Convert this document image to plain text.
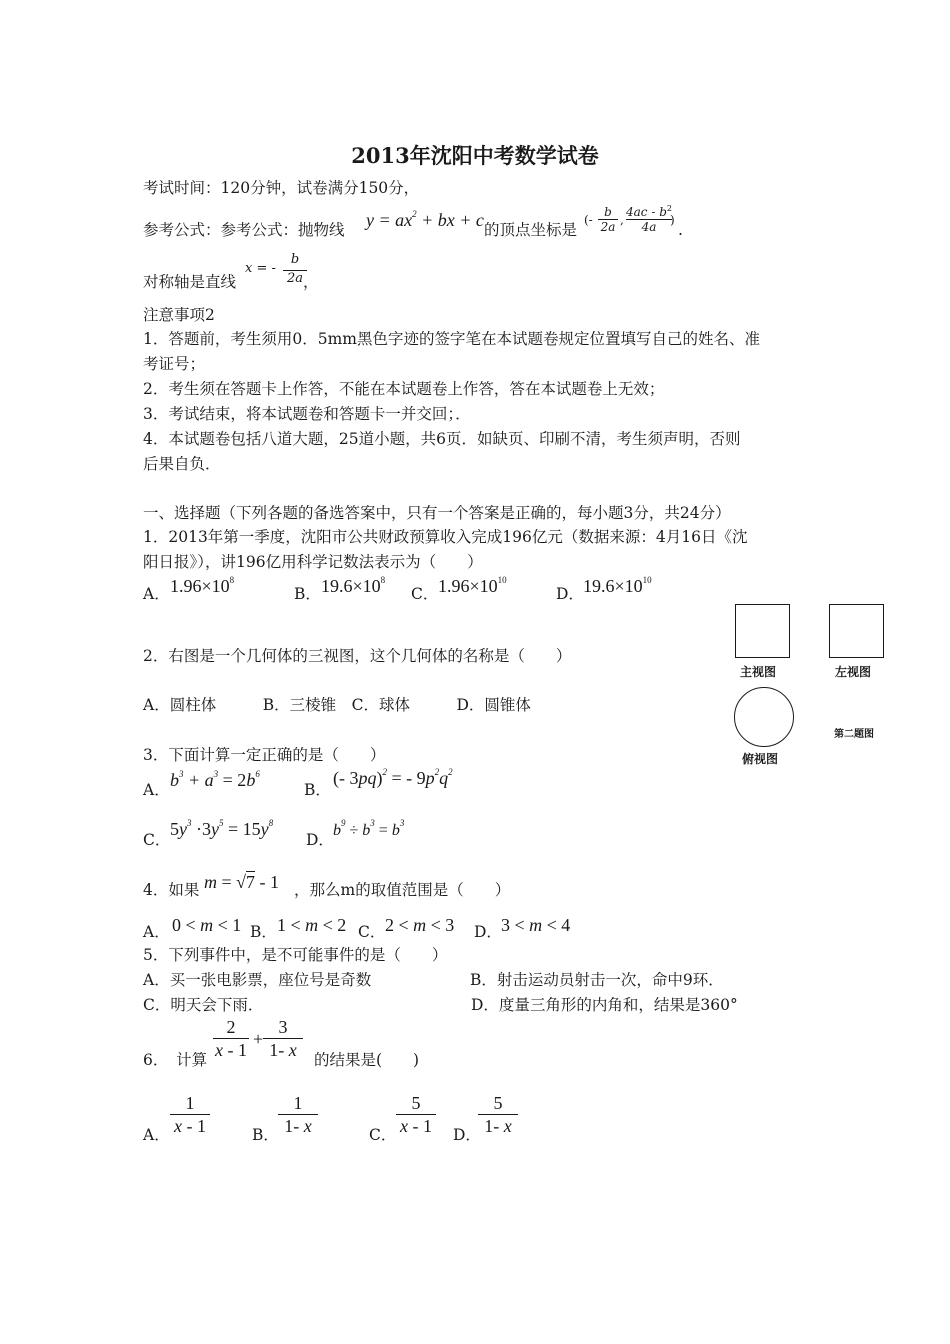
2013年沈阳中考数学试卷
考试时间：120分钟，试卷满分150分，
参考公式：参考公式：抛物线 $y = ax^2$ + bx + c 的顶点坐标是
(-
b
2a ,
$4ac - b^2$
4a	)
.
对称轴是直线
x = -
b
2a ，
注意事项2
1．答题前，考生须用0．5mm黑色字迹的签字笔在本试题卷规定位置填写自己的姓名、准
考证号；
2．考生须在答题卡上作答，不能在本试题卷上作答，答在本试题卷上无效；
3．考试结束，将本试题卷和答题卡一并交回；．
4．本试题卷包括八道大题，25道小题，共6页．如缺页、印刷不清，考生须声明，否则
后果自负．
一、选择题（下列各题的备选答案中，只有一个答案是正确的，每小题3分，共24分）
1．2013年第一季度，沈阳市公共财政预算收入完成196亿元（数据来源：4月16日《沈
阳日报》），讲196亿用科学记数法表示为（　　）
A． $1.96\times 10^8$
B． $19.6\times 10^8$
C． $1.96\times 10^{10}$
D． $19.6\times 10^{10}$
主视图	左视图
俯视图
第二题图
2．右图是一个几何体的三视图，这个几何体的名称是（　　）
A．圆柱体　　　B．三棱锥　C．球体　　　D．圆锥体
3．下面计算一定正确的是（　　）
A． $b^3 + a^3 = 2b^6$
B．
(- 3pq)$^2$ = - $9p^2q^2$
C．
$5y^3 \cdot 3y^5 = 15y^8$
D．
$b^9 \div b^3 = b^3$
4．如果 m = √7 - 1 ，那么m的取值范围是（　　）
A． 0 < m < 1 B． 1 < m < 2 C． 2 < m < 3 D． 3 < m < 4
5．下列事件中，是不可能事件的是（　　）
A．买一张电影票，座位号是奇数	B．射击运动员射击一次，命中9环．
C．明天会下雨．	D．度量三角形的内角和，结果是360°
6．　计算 $\frac{2}{x - 1} + \frac{3}{1- x}$ 的结果是(　　)
A． $\frac{1}{x - 1}$	B． $\frac{1}{1- x}$	C． $\frac{5}{x - 1}$ D．
$\frac{5}{1- x}$
